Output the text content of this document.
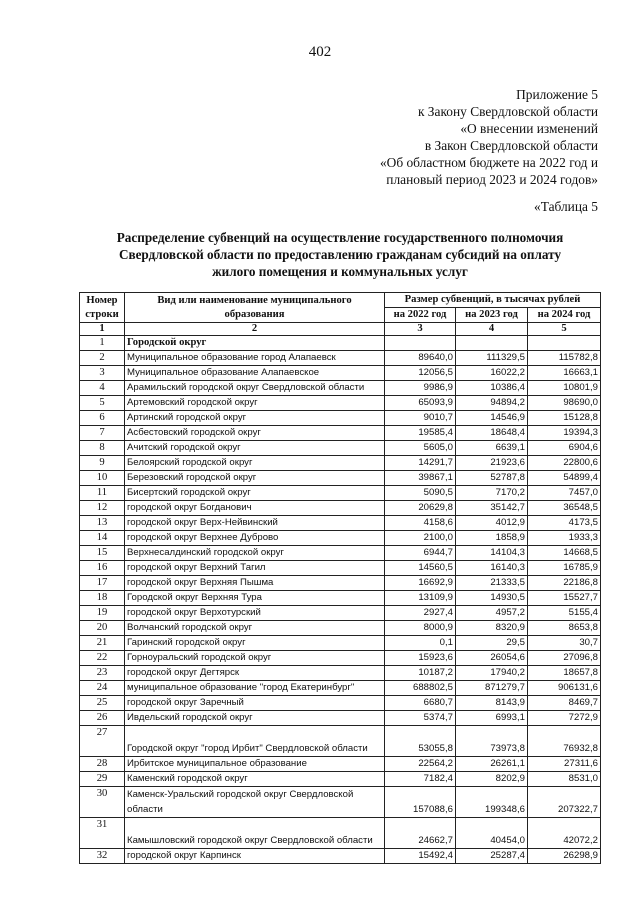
402
Приложение 5
к Закону Свердловской области
«О внесении изменений
в Закон Свердловской области
«Об областном бюджете на 2022 год и
плановый период 2023 и 2024 годов»
«Таблица 5
Распределение субвенций на осуществление государственного полномочия
Свердловской области по предоставлению гражданам субсидий на оплату
жилого помещения и коммунальных услуг
Номер строки	Вид или наименование муниципального образования	Размер субвенций, в тысячах рублей		
		на 2022 год	на 2023 год	на 2024 год
1	2	3	4	5
1	Городской округ			
2	Муниципальное образование город Алапаевск	89640,0	111329,5	115782,8
3	Муниципальное образование Алапаевское	12056,5	16022,2	16663,1
4	Арамильский городской округ Свердловской области	9986,9	10386,4	10801,9
5	Артемовский городской округ	65093,9	94894,2	98690,0
6	Артинский городской округ	9010,7	14546,9	15128,8
7	Асбестовский городской округ	19585,4	18648,4	19394,3
8	Ачитский городской округ	5605,0	6639,1	6904,6
9	Белоярский городской округ	14291,7	21923,6	22800,6
10	Березовский городской округ	39867,1	52787,8	54899,4
11	Бисертский городской округ	5090,5	7170,2	7457,0
12	городской округ Богданович	20629,8	35142,7	36548,5
13	городской округ Верх-Нейвинский	4158,6	4012,9	4173,5
14	городской округ Верхнее Дуброво	2100,0	1858,9	1933,3
15	Верхнесалдинский городской округ	6944,7	14104,3	14668,5
16	городской округ Верхний Тагил	14560,5	16140,3	16785,9
17	городской округ Верхняя Пышма	16692,9	21333,5	22186,8
18	Городской округ Верхняя Тура	13109,9	14930,5	15527,7
19	городской округ Верхотурский	2927,4	4957,2	5155,4
20	Волчанский городской округ	8000,9	8320,9	8653,8
21	Гаринский городской округ	0,1	29,5	30,7
22	Горноуральский городской округ	15923,6	26054,6	27096,8
23	городской округ Дегтярск	10187,2	17940,2	18657,8
24	муниципальное образование "город Екатеринбург"	688802,5	871279,7	906131,6
25	городской округ Заречный	6680,7	8143,9	8469,7
26	Ивдельский городской округ	5374,7	6993,1	7272,9
27	Городской округ "город Ирбит" Свердловской области	53055,8	73973,8	76932,8
28	Ирбитское муниципальное образование	22564,2	26261,1	27311,6
29	Каменский городской округ	7182,4	8202,9	8531,0
30	Каменск-Уральский городской округ Свердловской области	157088,6	199348,6	207322,7
31	Камышловский городской округ Свердловской области	24662,7	40454,0	42072,2
32	городской округ Карпинск	15492,4	25287,4	26298,9
